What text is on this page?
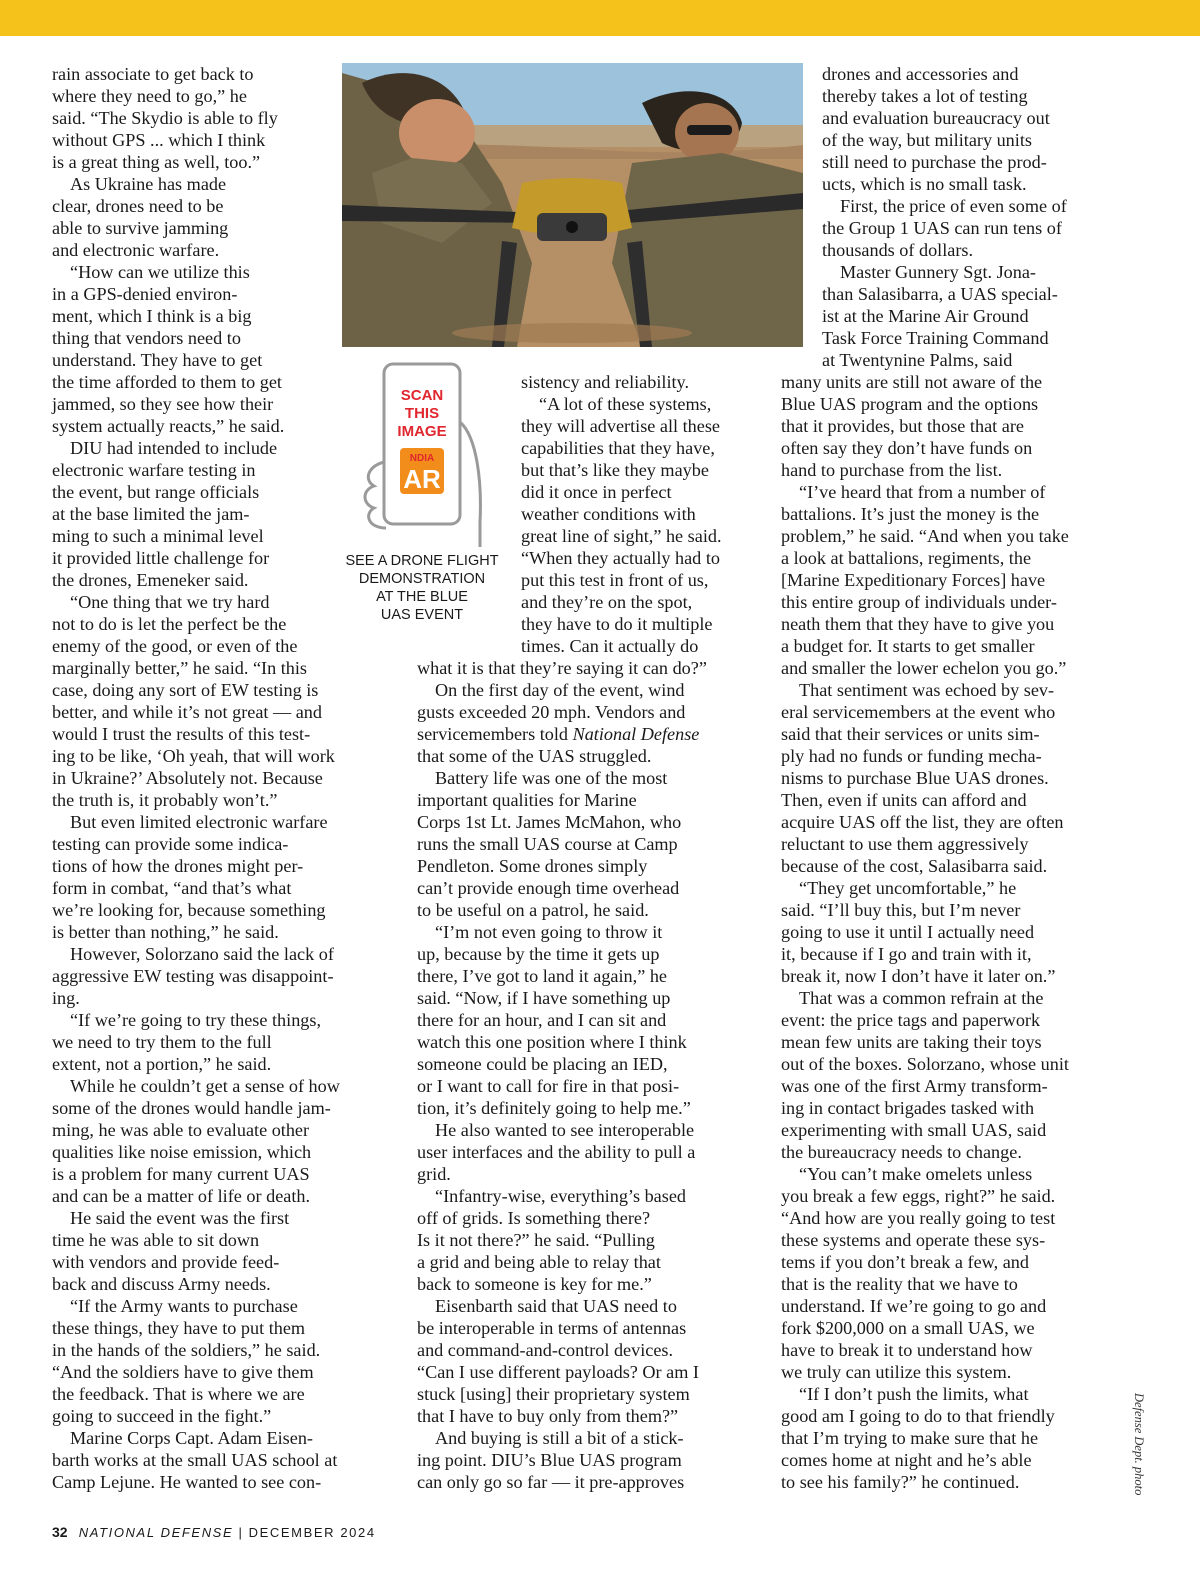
rain associate to get back to
where they need to go,” he
said. “The Skydio is able to fly
without GPS ... which I think
is a great thing as well, too.”
As Ukraine has made
clear, drones need to be
able to survive jamming
and electronic warfare.
“How can we utilize this
in a GPS-denied environ-
ment, which I think is a big
thing that vendors need to
understand. They have to get
the time afforded to them to get
jammed, so they see how their
system actually reacts,” he said.
DIU had intended to include
electronic warfare testing in
the event, but range officials
at the base limited the jam-
ming to such a minimal level
it provided little challenge for
the drones, Emeneker said.
“One thing that we try hard
not to do is let the perfect be the
enemy of the good, or even of the
marginally better,” he said. “In this
case, doing any sort of EW testing is
better, and while it’s not great — and
would I trust the results of this test-
ing to be like, ‘Oh yeah, that will work
in Ukraine?’ Absolutely not. Because
the truth is, it probably won’t.”
But even limited electronic warfare
testing can provide some indica-
tions of how the drones might per-
form in combat, “and that’s what
we’re looking for, because something
is better than nothing,” he said.
However, Solorzano said the lack of
aggressive EW testing was disappoint-
ing.
“If we’re going to try these things,
we need to try them to the full
extent, not a portion,” he said.
While he couldn’t get a sense of how
some of the drones would handle jam-
ming, he was able to evaluate other
qualities like noise emission, which
is a problem for many current UAS
and can be a matter of life or death.
He said the event was the first
time he was able to sit down
with vendors and provide feed-
back and discuss Army needs.
“If the Army wants to purchase
these things, they have to put them
in the hands of the soldiers,” he said.
“And the soldiers have to give them
the feedback. That is where we are
going to succeed in the fight.”
Marine Corps Capt. Adam Eisen-
barth works at the small UAS school at
Camp Lejune. He wanted to see con-
sistency and reliability.
“A lot of these systems,
they will advertise all these
capabilities that they have,
but that’s like they maybe
did it once in perfect
weather conditions with
great line of sight,” he said.
“When they actually had to
put this test in front of us,
and they’re on the spot,
they have to do it multiple
times. Can it actually do
what it is that they’re saying it can do?”
On the first day of the event, wind
gusts exceeded 20 mph. Vendors and
servicemembers told National Defense
that some of the UAS struggled.
Battery life was one of the most
important qualities for Marine
Corps 1st Lt. James McMahon, who
runs the small UAS course at Camp
Pendleton. Some drones simply
can’t provide enough time overhead
to be useful on a patrol, he said.
“I’m not even going to throw it
up, because by the time it gets up
there, I’ve got to land it again,” he
said. “Now, if I have something up
there for an hour, and I can sit and
watch this one position where I think
someone could be placing an IED,
or I want to call for fire in that posi-
tion, it’s definitely going to help me.”
He also wanted to see interoperable
user interfaces and the ability to pull a
grid.
“Infantry-wise, everything’s based
off of grids. Is something there?
Is it not there?” he said. “Pulling
a grid and being able to relay that
back to someone is key for me.”
Eisenbarth said that UAS need to
be interoperable in terms of antennas
and command-and-control devices.
“Can I use different payloads? Or am I
stuck [using] their proprietary system
that I have to buy only from them?”
And buying is still a bit of a stick-
ing point. DIU’s Blue UAS program
can only go so far — it pre-approves
drones and accessories and
thereby takes a lot of testing
and evaluation bureaucracy out
of the way, but military units
still need to purchase the prod-
ucts, which is no small task.
First, the price of even some of
the Group 1 UAS can run tens of
thousands of dollars.
Master Gunnery Sgt. Jona-
than Salasibarra, a UAS special-
ist at the Marine Air Ground
Task Force Training Command
at Twentynine Palms, said
many units are still not aware of the
Blue UAS program and the options
that it provides, but those that are
often say they don’t have funds on
hand to purchase from the list.
“I’ve heard that from a number of
battalions. It’s just the money is the
problem,” he said. “And when you take
a look at battalions, regiments, the
[Marine Expeditionary Forces] have
this entire group of individuals under-
neath them that they have to give you
a budget for. It starts to get smaller
and smaller the lower echelon you go.”
That sentiment was echoed by sev-
eral servicemembers at the event who
said that their services or units sim-
ply had no funds or funding mecha-
nisms to purchase Blue UAS drones.
Then, even if units can afford and
acquire UAS off the list, they are often
reluctant to use them aggressively
because of the cost, Salasibarra said.
“They get uncomfortable,” he
said. “I’ll buy this, but I’m never
going to use it until I actually need
it, because if I go and train with it,
break it, now I don’t have it later on.”
That was a common refrain at the
event: the price tags and paperwork
mean few units are taking their toys
out of the boxes. Solorzano, whose unit
was one of the first Army transform-
ing in contact brigades tasked with
experimenting with small UAS, said
the bureaucracy needs to change.
“You can’t make omelets unless
you break a few eggs, right?” he said.
“And how are you really going to test
these systems and operate these sys-
tems if you don’t break a few, and
that is the reality that we have to
understand. If we’re going to go and
fork $200,000 on a small UAS, we
have to break it to understand how
we truly can utilize this system.
“If I don’t push the limits, what
good am I going to do to that friendly
that I’m trying to make sure that he
comes home at night and he’s able
to see his family?” he continued.
SCAN
THIS
IMAGE
NDIA
AR
SEE A DRONE FLIGHT
DEMONSTRATION
AT THE BLUE
UAS EVENT
Defense Dept. photo
32 NATIONAL DEFENSE | DECEMBER 2024
